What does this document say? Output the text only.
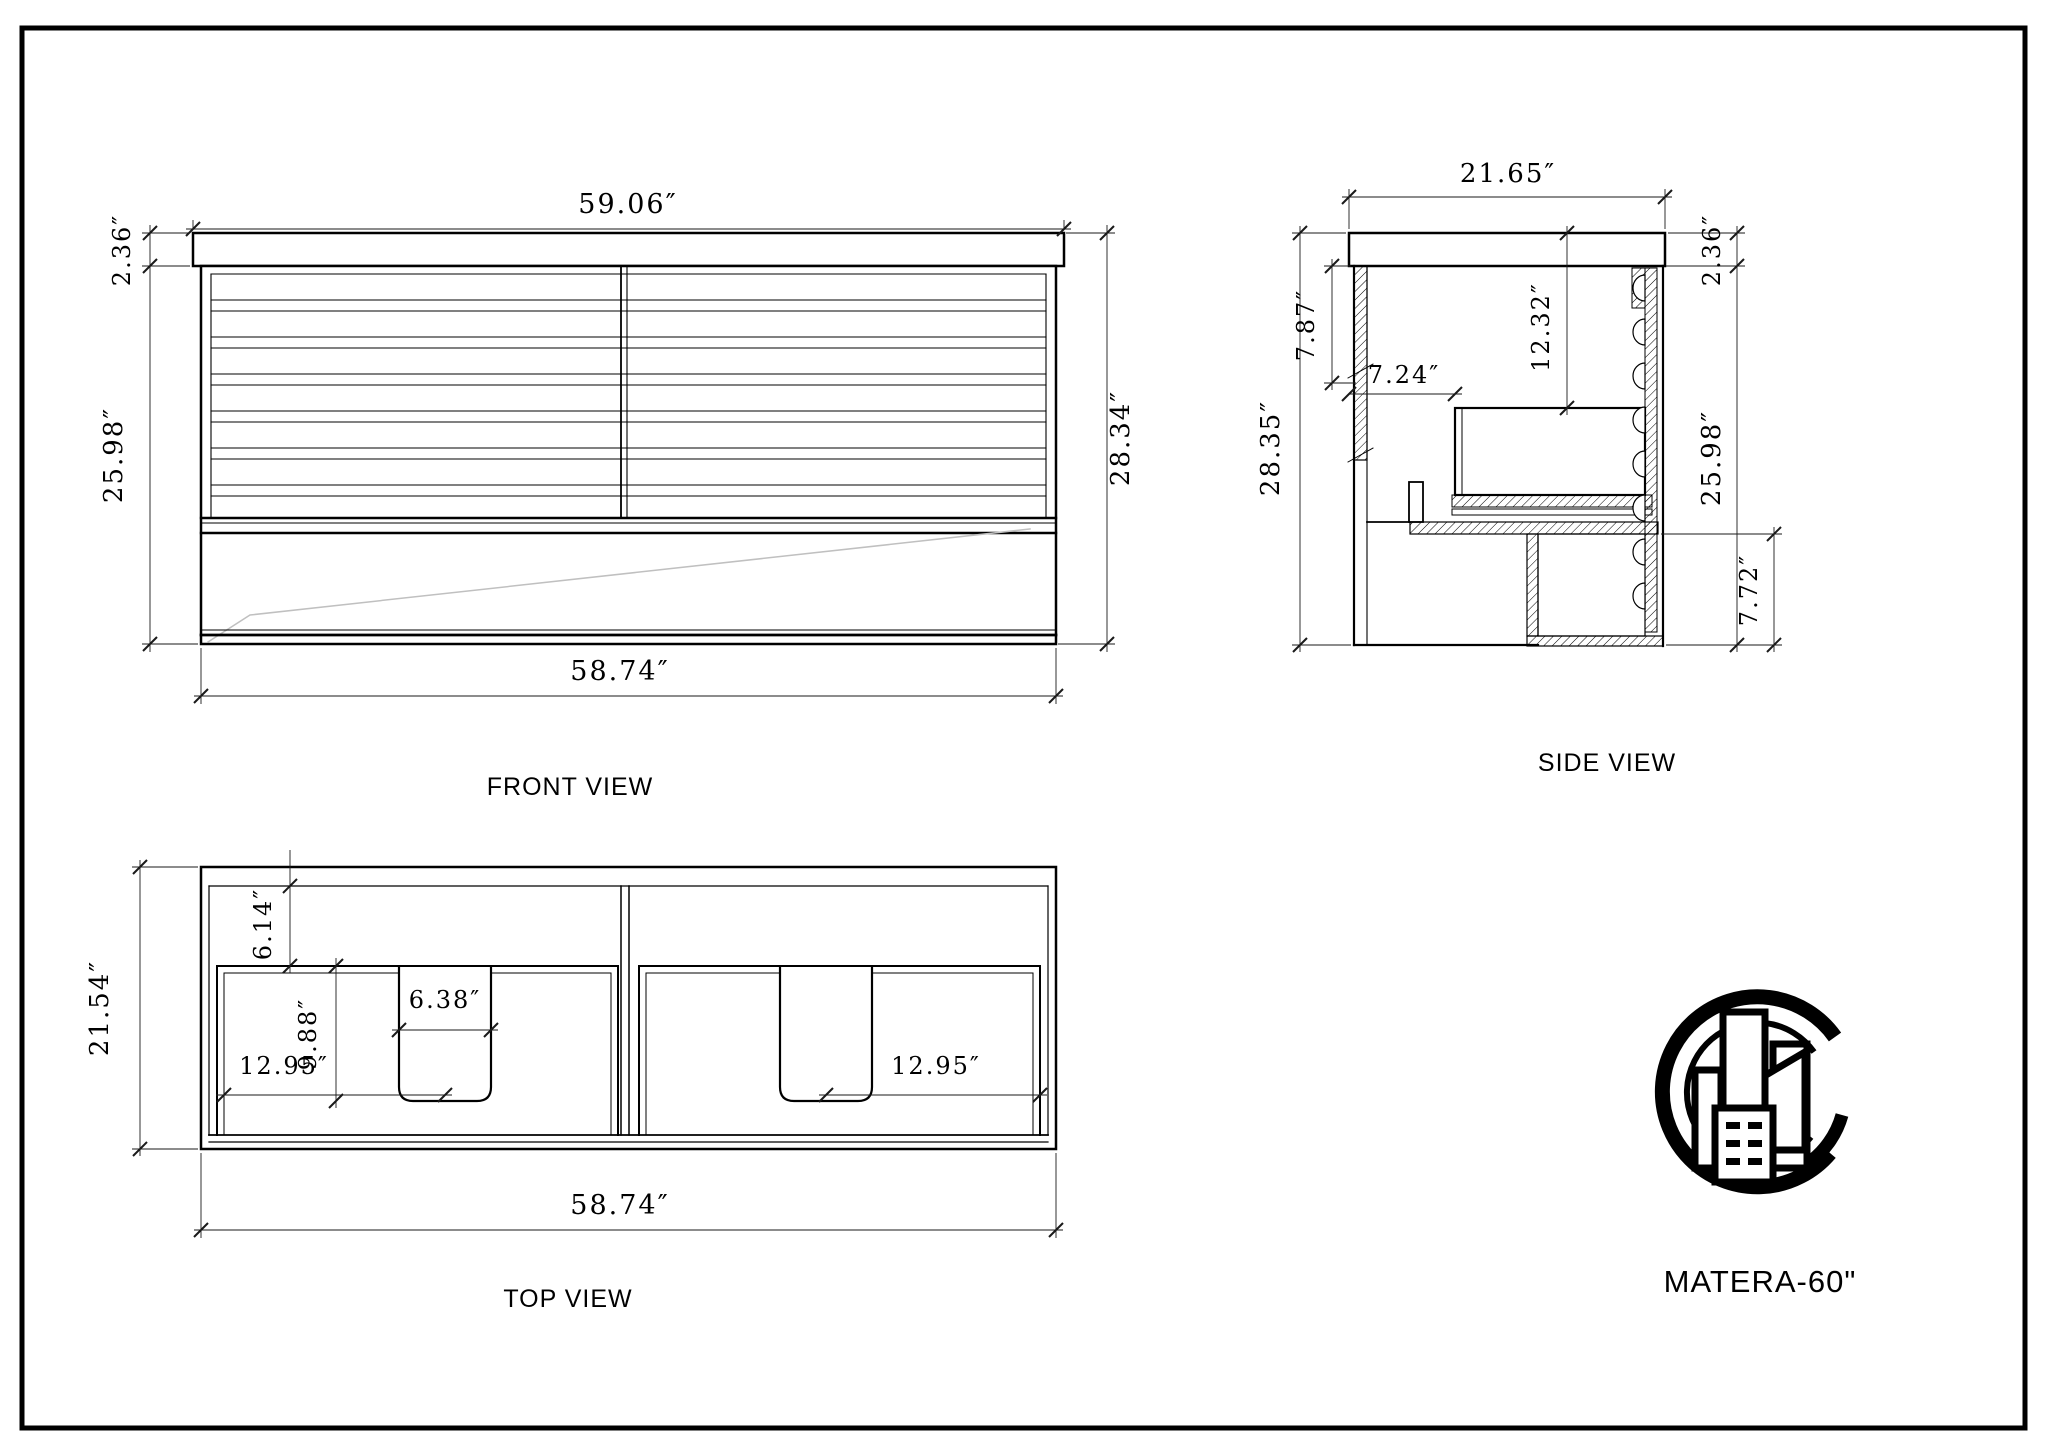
59.06″
2.36″
25.98″	28.34″
58.74″
FRONT VIEW
21.65″
2.36″
25.98″
7.72″
28.35″
7.87″
7.24″
12.32″
SIDE VIEW
21.54″
6.14″
9.88″	6.38″
12.95″	12.95″
58.74″
TOP VIEW	MATERA-60"
